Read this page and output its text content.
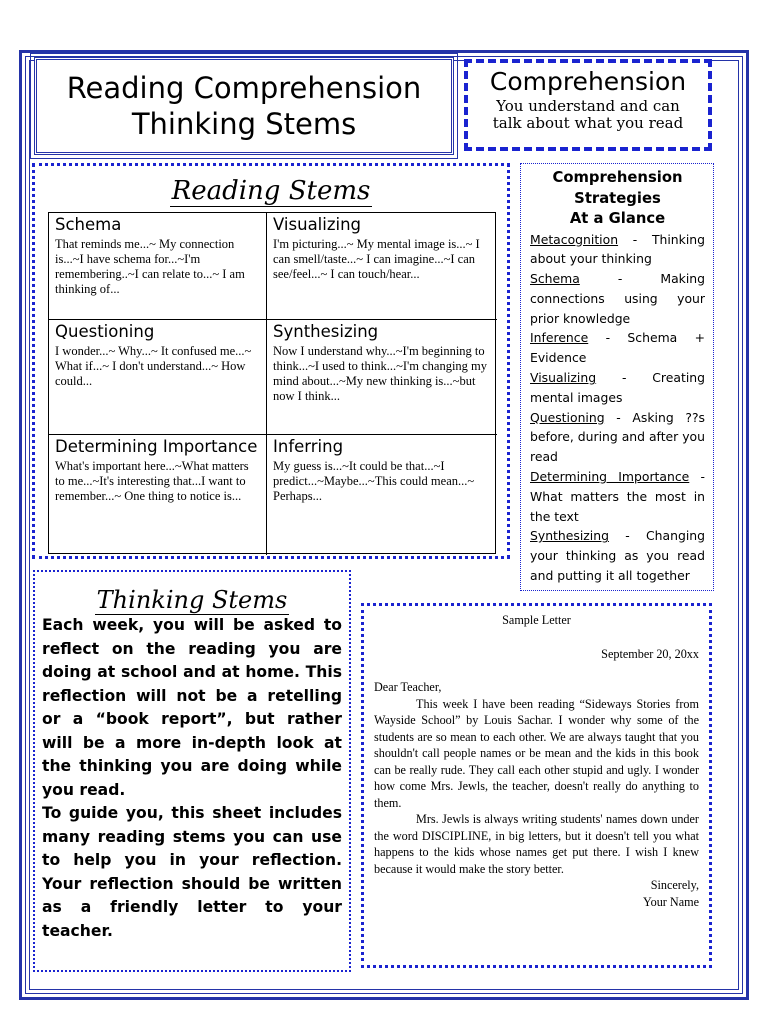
Reading Comprehension
Thinking Stems
Comprehension
You understand and can
talk about what you read
Reading Stems
Schema
That reminds me...~ My connection is...~I have schema for...~I'm remembering..~I can relate to...~ I am thinking of...
Visualizing
I'm picturing...~ My mental image is...~ I can smell/taste...~ I can imagine...~I can see/feel...~ I can touch/hear...
Questioning
I wonder...~ Why...~ It confused me...~ What if...~ I don't understand...~ How could...
Synthesizing
Now I understand why...~I'm beginning to think...~I used to think...~I'm changing my mind about...~My new thinking is...~but now I think...
Determining Importance
What's important here...~What matters to me...~It's interesting that...I want to remember...~ One thing to notice is...
Inferring
My guess is...~It could be that...~I predict...~Maybe...~This could mean...~ Perhaps...
Comprehension
Strategies
At a Glance
Metacognition - Thinking about your thinking
Schema - Making connections using your prior knowledge
Inference - Schema + Evidence
Visualizing - Creating mental images
Questioning - Asking ??s before, during and after you read
Determining Importance - What matters the most in the text
Synthesizing - Changing your thinking as you read and putting it all together
Thinking Stems

Each week, you will be asked to reflect on the reading you are doing at school and at home. This reflection will not be a retelling or a “book report”, but rather will be a more in-depth look at the thinking you are doing while you read.

To guide you, this sheet includes many reading stems you can use to help you in your reflection. Your reflection should be written as a friendly letter to your teacher.

Sample Letter
September 20, 20xx
Dear Teacher,

This week I have been reading “Sideways Stories from Wayside School” by Louis Sachar. I wonder why some of the students are so mean to each other. We are always taught that you shouldn't call people names or be mean and the kids in this book can be really rude. They call each other stupid and ugly. I wonder how come Mrs. Jewls, the teacher, doesn't really do anything to them.

Mrs. Jewls is always writing students' names down under the word DISCIPLINE, in big letters, but it doesn't tell you what happens to the kids whose names get put there. I wish I knew because it would make the story better.

Sincerely,
Your Name
